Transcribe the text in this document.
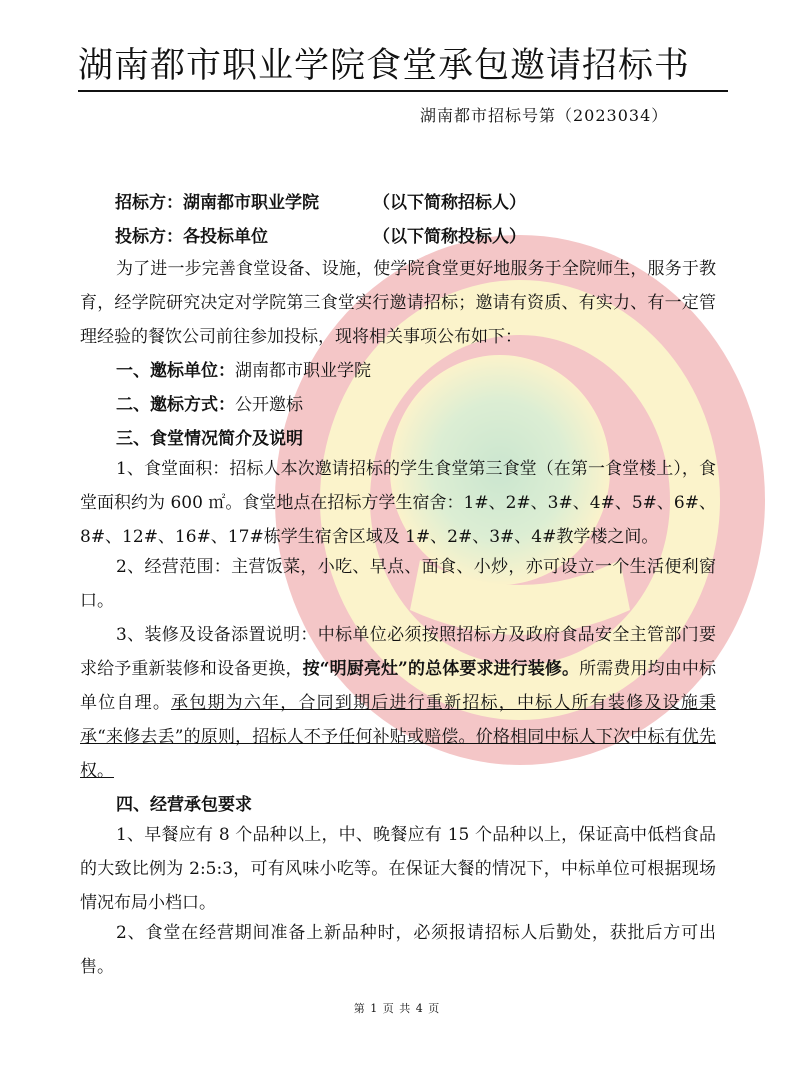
湖南都市职业学院食堂承包邀请招标书
湖南都市招标号第（2023034）
招标方：湖南都市职业学院	（以下简称招标人）
投标方：各投标单位	（以下简称投标人）

为了进一步完善食堂设备、设施，使学院食堂更好地服务于全院师生，服务于教育，经学院研究决定对学院第三食堂实行邀请招标；邀请有资质、有实力、有一定管理经验的餐饮公司前往参加投标，现将相关事项公布如下：

一、邀标单位：湖南都市职业学院
二、邀标方式：公开邀标
三、食堂情况简介及说明

1、食堂面积：招标人本次邀请招标的学生食堂第三食堂（在第一食堂楼上），食堂面积约为 600 ㎡。食堂地点在招标方学生宿舍：1#、2#、3#、4#、5#、6#、8#、12#、16#、17#栋学生宿舍区域及 1#、2#、3#、4#教学楼之间。

2、经营范围：主营饭菜，小吃、早点、面食、小炒，亦可设立一个生活便利窗口。

3、装修及设备添置说明：中标单位必须按照招标方及政府食品安全主管部门要求给予重新装修和设备更换，按“明厨亮灶”的总体要求进行装修。所需费用均由中标单位自理。承包期为六年，合同到期后进行重新招标，中标人所有装修及设施秉承“来修去丢”的原则，招标人不予任何补贴或赔偿。价格相同中标人下次中标有优先权。

四、经营承包要求

1、早餐应有 8 个品种以上，中、晚餐应有 15 个品种以上，保证高中低档食品的大致比例为 2:5:3，可有风味小吃等。在保证大餐的情况下，中标单位可根据现场情况布局小档口。

2、食堂在经营期间准备上新品种时，必须报请招标人后勤处，获批后方可出售。

第 1 页 共 4 页
